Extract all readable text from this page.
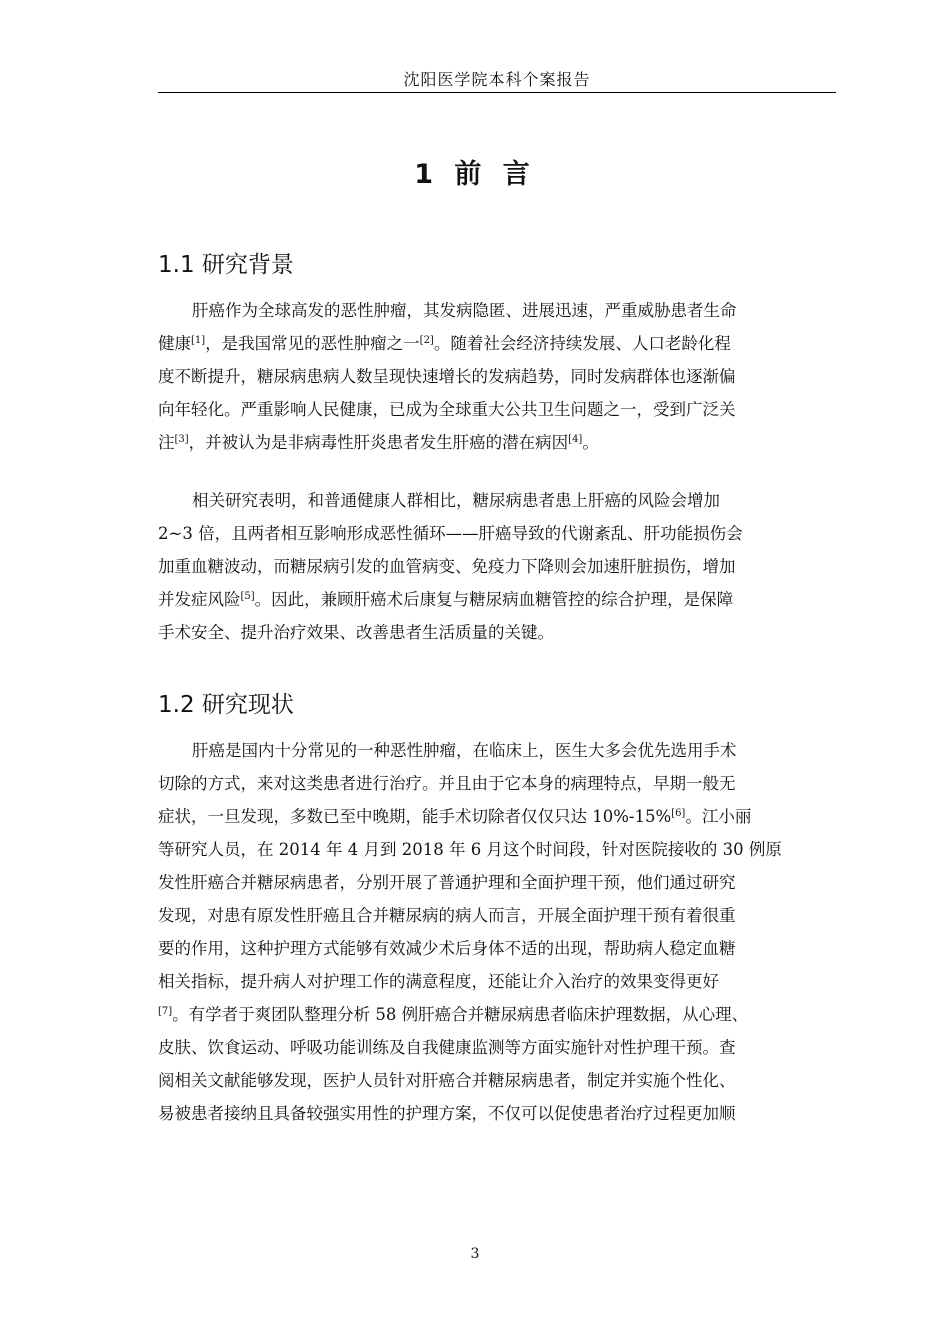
沈阳医学院本科个案报告
1 前 言
1.1 研究背景

肝癌作为全球高发的恶性肿瘤，其发病隐匿、进展迅速，严重威胁患者生命
健康[1]，是我国常见的恶性肿瘤之一[2]。随着社会经济持续发展、人口老龄化程
度不断提升，糖尿病患病人数呈现快速增长的发病趋势，同时发病群体也逐渐偏
向年轻化。严重影响人民健康，已成为全球重大公共卫生问题之一，受到广泛关
注[3]，并被认为是非病毒性肝炎患者发生肝癌的潜在病因[4]。

相关研究表明，和普通健康人群相比，糖尿病患者患上肝癌的风险会增加
2~3 倍，且两者相互影响形成恶性循环——肝癌导致的代谢紊乱、肝功能损伤会
加重血糖波动，而糖尿病引发的血管病变、免疫力下降则会加速肝脏损伤，增加
并发症风险[5]。因此，兼顾肝癌术后康复与糖尿病血糖管控的综合护理，是保障
手术安全、提升治疗效果、改善患者生活质量的关键。

1.2 研究现状

肝癌是国内十分常见的一种恶性肿瘤，在临床上，医生大多会优先选用手术
切除的方式，来对这类患者进行治疗。并且由于它本身的病理特点，早期一般无
症状，一旦发现，多数已至中晚期，能手术切除者仅仅只达 10%-15%[6]。江小丽
等研究人员，在 2014 年 4 月到 2018 年 6 月这个时间段，针对医院接收的 30 例原
发性肝癌合并糖尿病患者，分别开展了普通护理和全面护理干预，他们通过研究
发现，对患有原发性肝癌且合并糖尿病的病人而言，开展全面护理干预有着很重
要的作用，这种护理方式能够有效减少术后身体不适的出现，帮助病人稳定血糖
相关指标，提升病人对护理工作的满意程度，还能让介入治疗的效果变得更好
[7]。有学者于爽团队整理分析 58 例肝癌合并糖尿病患者临床护理数据，从心理、
皮肤、饮食运动、呼吸功能训练及自我健康监测等方面实施针对性护理干预。查
阅相关文献能够发现，医护人员针对肝癌合并糖尿病患者，制定并实施个性化、
易被患者接纳且具备较强实用性的护理方案，不仅可以促使患者治疗过程更加顺

3
